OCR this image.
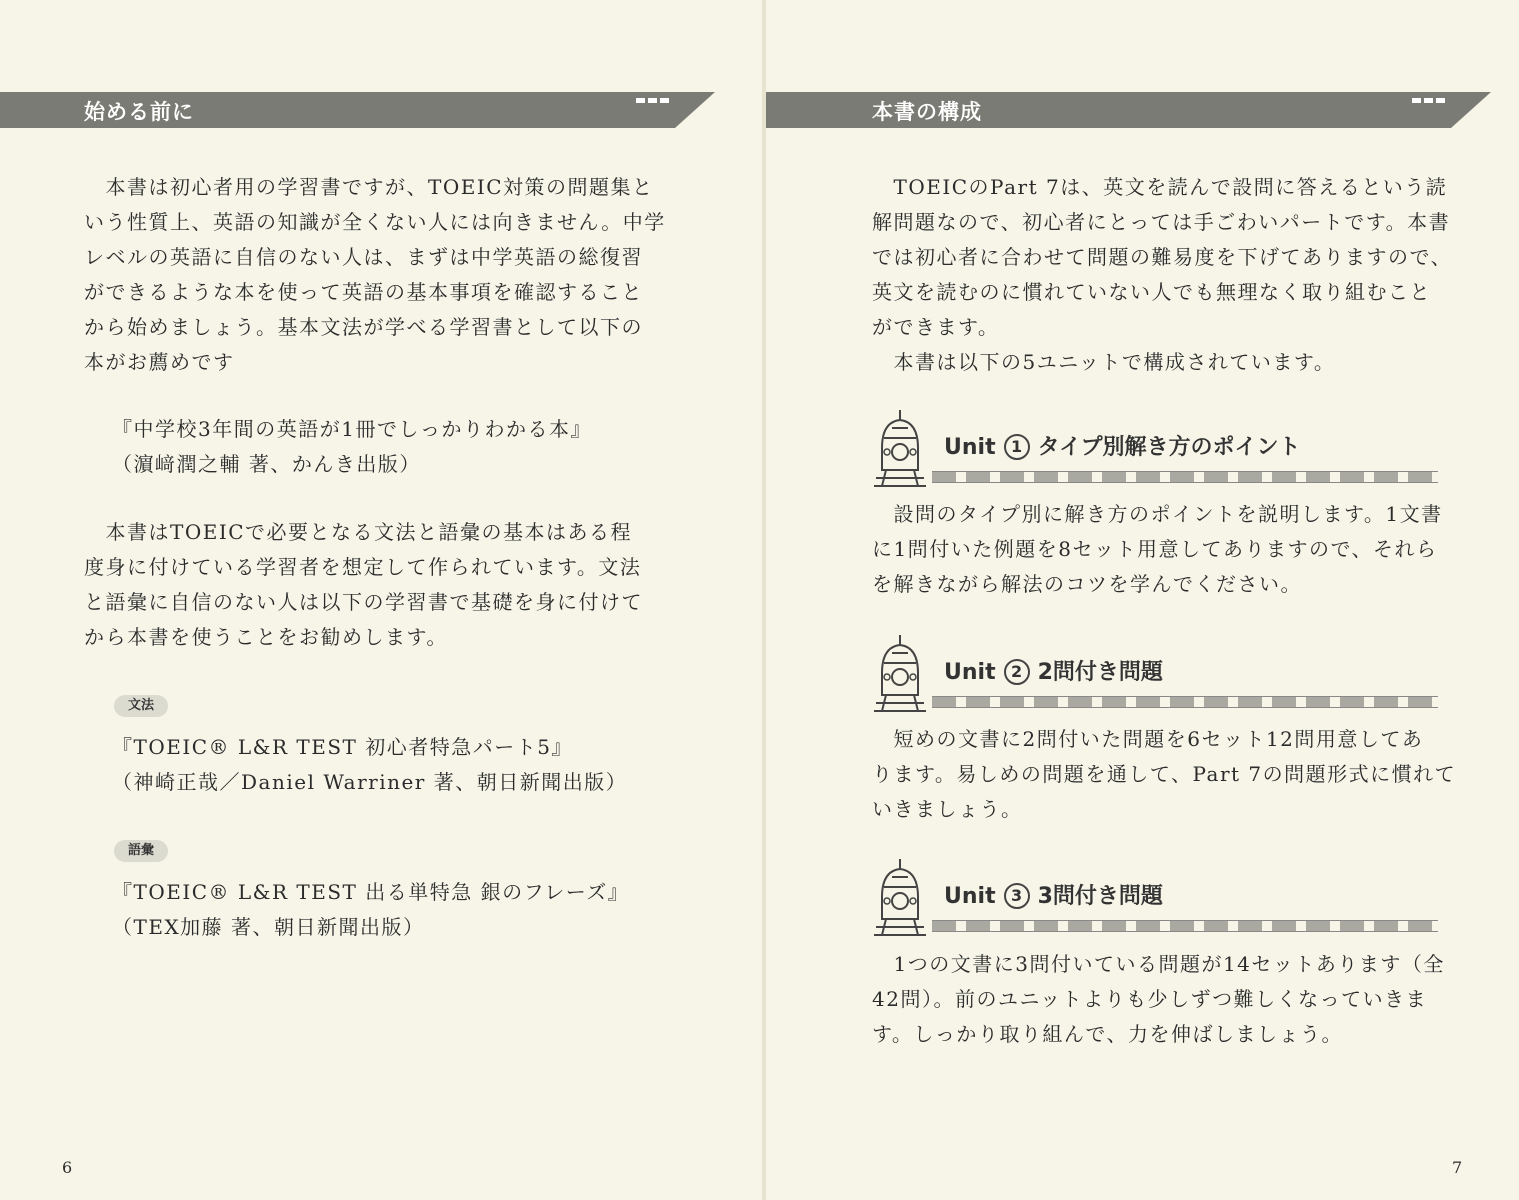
始める前に
　本書は初心者用の学習書ですが、TOEIC対策の問題集と
いう性質上、英語の知識が全くない人には向きません。中学
レベルの英語に自信のない人は、まずは中学英語の総復習
ができるような本を使って英語の基本事項を確認すること
から始めましょう。基本文法が学べる学習書として以下の
本がお薦めです
『中学校3年間の英語が1冊でしっかりわかる本』
（濵﨑潤之輔 著、かんき出版）
　本書はTOEICで必要となる文法と語彙の基本はある程
度身に付けている学習者を想定して作られています。文法
と語彙に自信のない人は以下の学習書で基礎を身に付けて
から本書を使うことをお勧めします。
文法
『TOEIC® L&R TEST 初心者特急パート5』
（神崎正哉／Daniel Warriner 著、朝日新聞出版）
語彙
『TOEIC® L&R TEST 出る単特急 銀のフレーズ』
（TEX加藤 著、朝日新聞出版）
6
本書の構成
　TOEICのPart 7は、英文を読んで設問に答えるという読
解問題なので、初心者にとっては手ごわいパートです。本書
では初心者に合わせて問題の難易度を下げてありますので、
英文を読むのに慣れていない人でも無理なく取り組むこと
ができます。
　本書は以下の5ユニットで構成されています。
Unit 1 タイプ別解き方のポイント
　設問のタイプ別に解き方のポイントを説明します。1文書
に1問付いた例題を8セット用意してありますので、それら
を解きながら解法のコツを学んでください。
Unit 2 2問付き問題
　短めの文書に2問付いた問題を6セット12問用意してあ
ります。易しめの問題を通して、Part 7の問題形式に慣れて
いきましょう。
Unit 3 3問付き問題
　1つの文書に3問付いている問題が14セットあります（全
42問）。前のユニットよりも少しずつ難しくなっていきま
す。しっかり取り組んで、力を伸ばしましょう。
7
